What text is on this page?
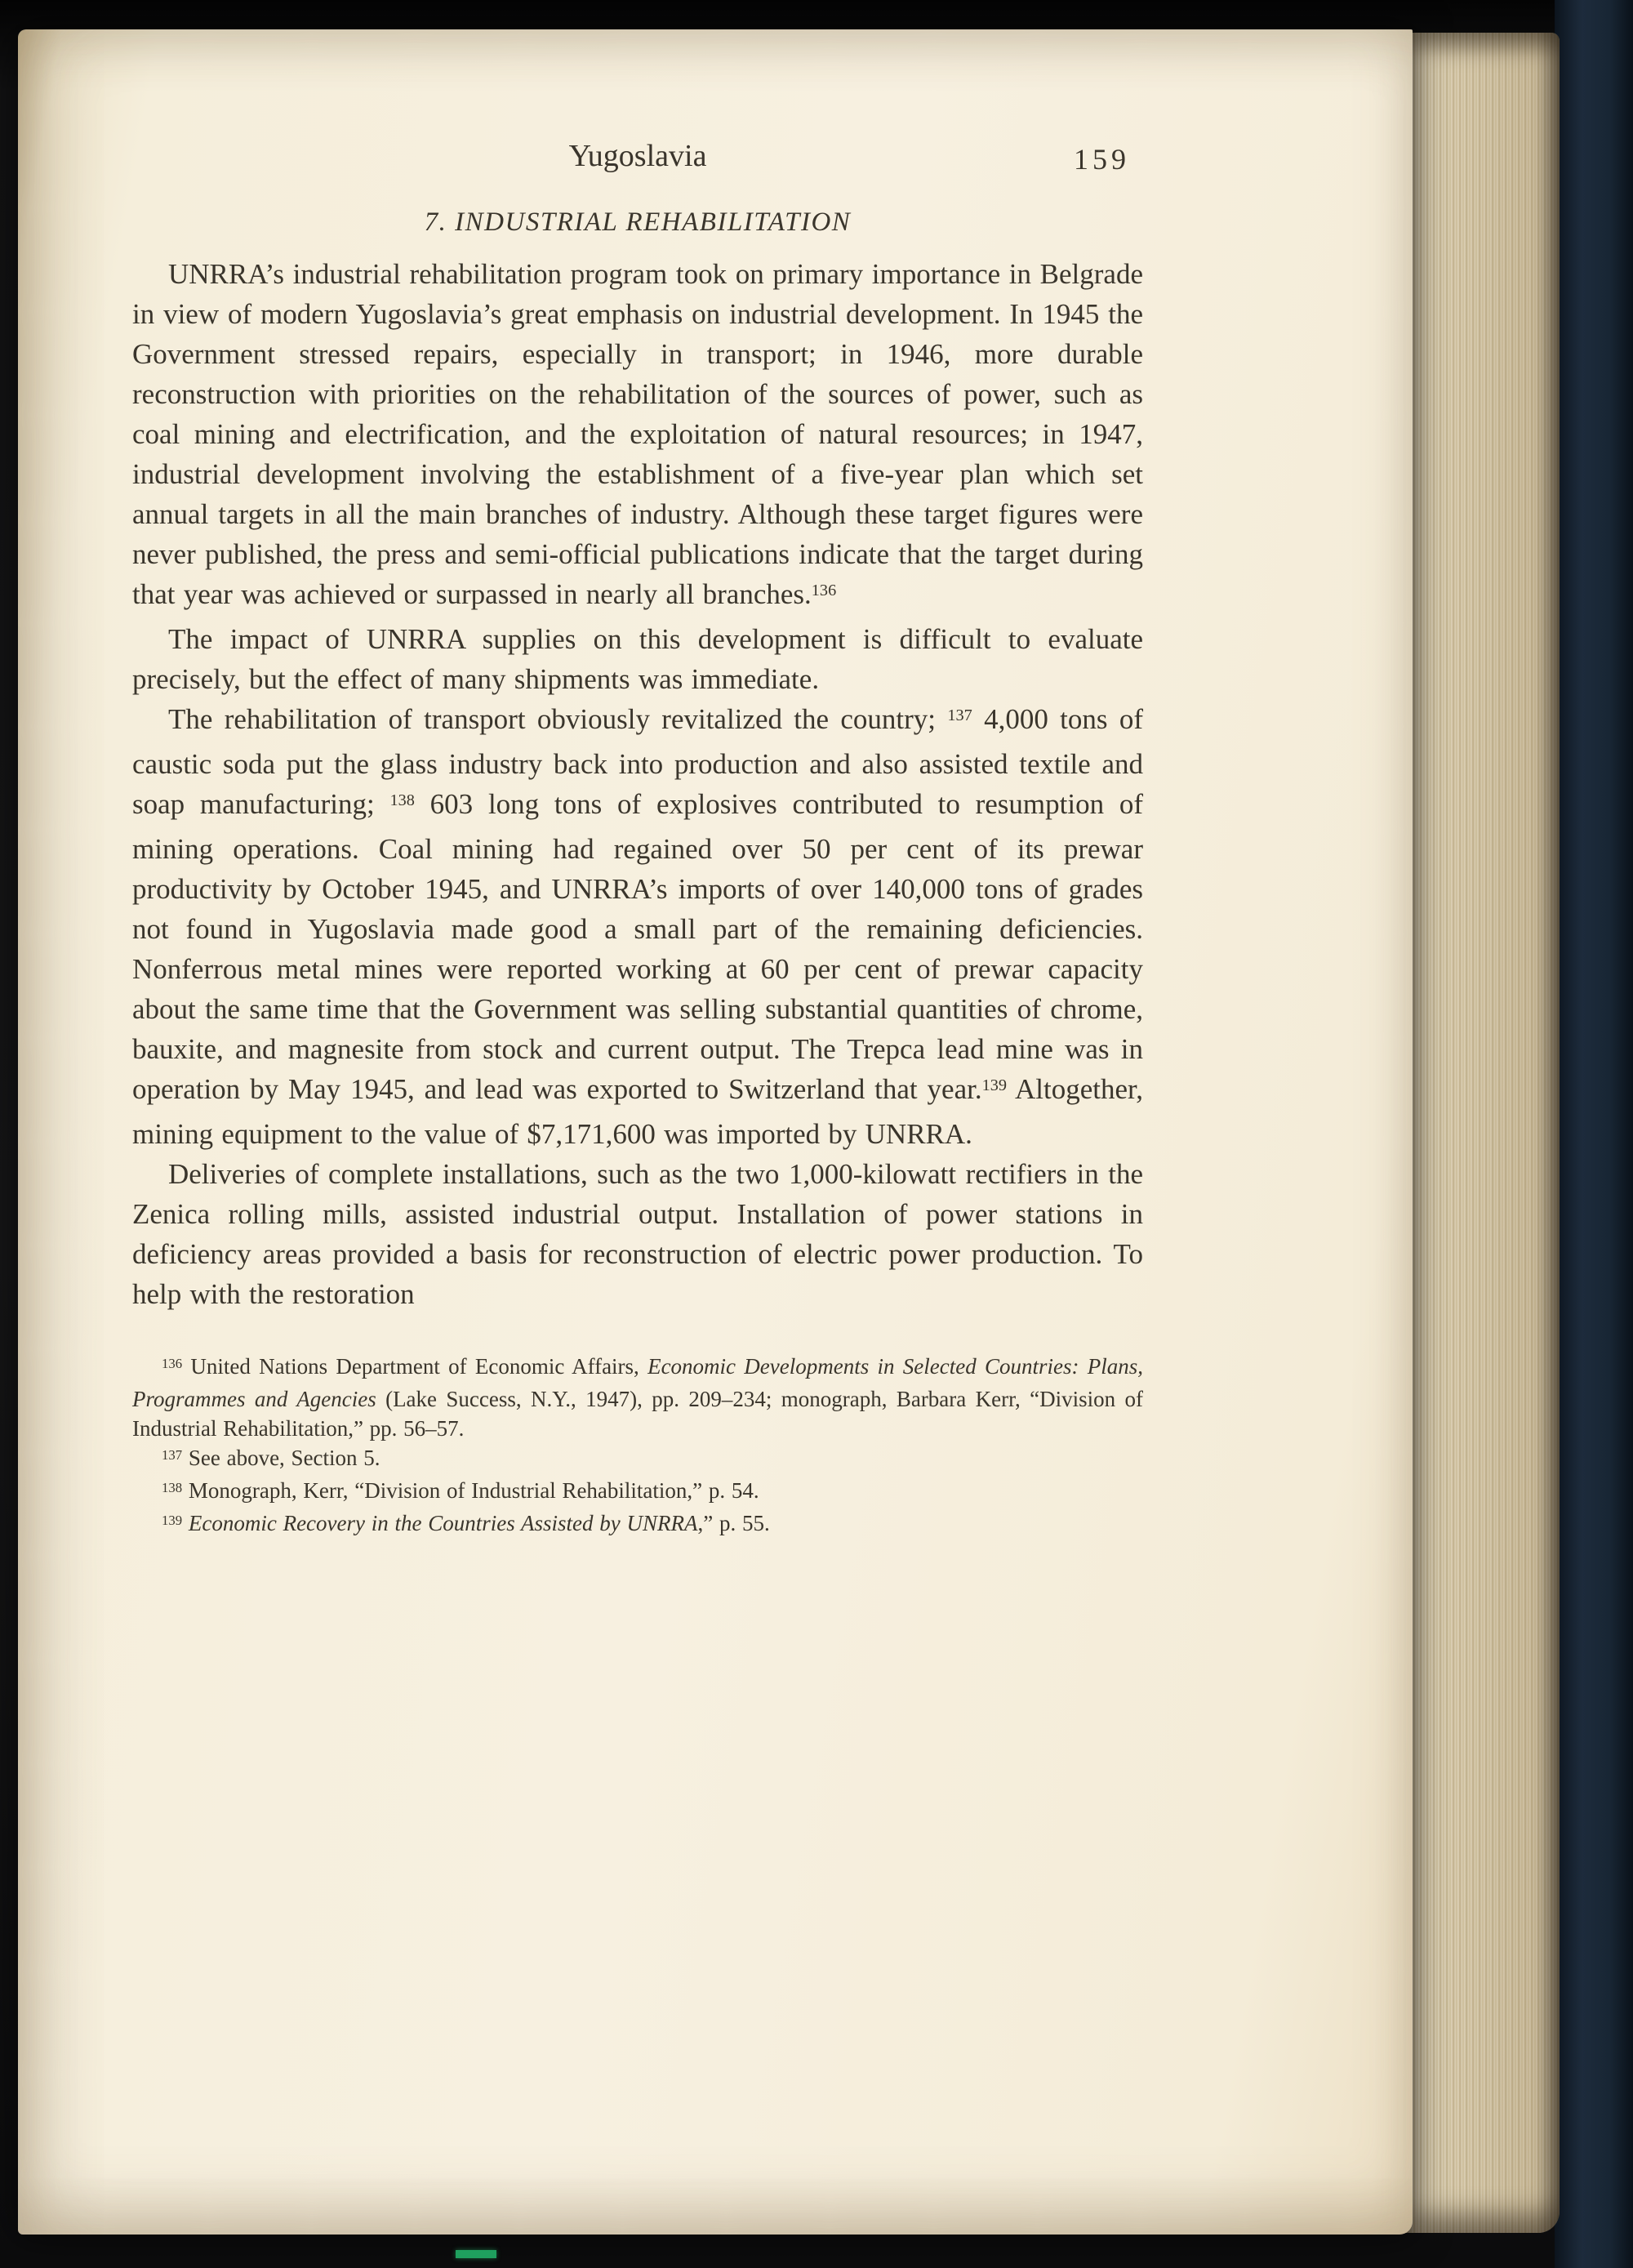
Yugoslavia	159
7. INDUSTRIAL REHABILITATION

UNRRA’s industrial rehabilitation program took on primary importance in Belgrade in view of modern Yugoslavia’s great emphasis on industrial development. In 1945 the Government stressed repairs, especially in transport; in 1946, more durable reconstruction with priorities on the rehabilitation of the sources of power, such as coal mining and electrification, and the exploitation of natural resources; in 1947, industrial development involving the establishment of a five-year plan which set annual targets in all the main branches of industry. Although these target figures were never published, the press and semi-official publications indicate that the target during that year was achieved or surpassed in nearly all branches.$^{136}$

The impact of UNRRA supplies on this development is difficult to evaluate precisely, but the effect of many shipments was immediate.

The rehabilitation of transport obviously revitalized the country; $^{137}$ 4,000 tons of caustic soda put the glass industry back into production and also assisted textile and soap manufacturing; $^{138}$ 603 long tons of explosives contributed to resumption of mining operations. Coal mining had regained over 50 per cent of its prewar productivity by October 1945, and UNRRA’s imports of over 140,000 tons of grades not found in Yugoslavia made good a small part of the remaining deficiencies. Nonferrous metal mines were reported working at 60 per cent of prewar capacity about the same time that the Government was selling substantial quantities of chrome, bauxite, and magnesite from stock and current output. The Trepca lead mine was in operation by May 1945, and lead was exported to Switzerland that year.$^{139}$ Altogether, mining equipment to the value of $7,171,600 was imported by UNRRA.

Deliveries of complete installations, such as the two 1,000-kilowatt rectifiers in the Zenica rolling mills, assisted industrial output. Installation of power stations in deficiency areas provided a basis for reconstruction of electric power production. To help with the restoration

$^{136}$ United Nations Department of Economic Affairs, Economic Developments in Selected Countries: Plans, Programmes and Agencies (Lake Success, N.Y., 1947), pp. 209–234; monograph, Barbara Kerr, “Division of Industrial Rehabilitation,” pp. 56–57.

$^{137}$ See above, Section 5.

$^{138}$ Monograph, Kerr, “Division of Industrial Rehabilitation,” p. 54.

$^{139}$ Economic Recovery in the Countries Assisted by UNRRA,” p. 55.
